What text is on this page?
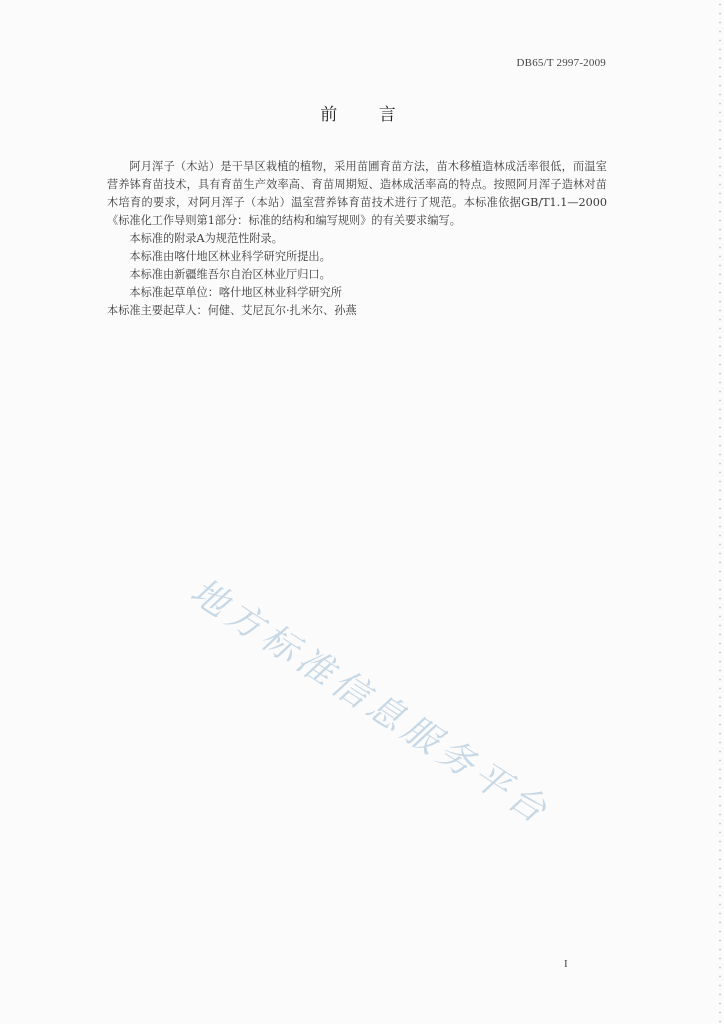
DB65/T 2997-2009
前 言

阿月浑子（木站）是干旱区栽植的植物，采用苗圃育苗方法，苗木移植造林成活率很低，而温室营养钵育苗技术，具有育苗生产效率高、育苗周期短、造林成活率高的特点。按照阿月浑子造林对苗木培育的要求，对阿月浑子（本站）温室营养钵育苗技术进行了规范。本标准依据GB/T1.1—2000《标准化工作导则第1部分：标准的结构和编写规则》的有关要求编写。

本标准的附录A为规范性附录。

本标准由喀什地区林业科学研究所提出。

本标准由新疆维吾尔自治区林业厅归口。

本标准起草单位：喀什地区林业科学研究所

本标准主要起草人：何健、艾尼瓦尔·扎米尔、孙燕

地方标准信息服务平台
I
